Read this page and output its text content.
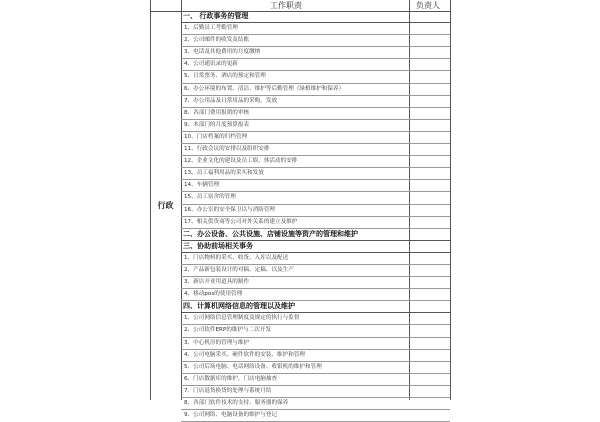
工作职责	负责人
行政
一、 行政事务的管理
1、后勤员工考勤管理
2、公司邮件的收发及结账
3、电话及其他费用的月度缴纳
4、公司通讯录的更新
5、日常票务、酒店的预定和管理
6、办公环境的布置、清洁、维护等后勤管理（绿植维护和保养）
7、办公用品及日常用品的采购、发放
8、各部门费用报销的审核
9、本部门的月度预算报表
10、门店档案的归档管理
11、行政会议的安排以及组织安排
12、企业文化的建设及员工娱、体活动的安排
13、员工福利用品的采买和发放
14、车辆管理
15、员工宿舍的管理
16、办公室的安全保卫以与消防管理
17、相关供货商等公司对外关系的建立及维护
二、办公设备、公共设施、店铺设施等资产的管理和维护
三、协助前场相关事务
1、门店物料的采买、收货、入库以及配送
2、产品新包装设计的对稿、定稿、以及生产
3、新店开业用道具的制作
4、移动pos的使用管理
四、计算机网络信息的管理以及维护
1、公司网络信息管理制度及规定的执行与监督
2、公司软件ERP的维护与二次开发
3、中心机房的管理与维护
4、公司电脑采买、硬件软件的安装、维护和管理
5、公司后场电脑、电话网络设备、收银机的维护和管理
6、门店数据库的维护、门店电脑抽查
7、门店退货换货的处理与系统月结
8、各部门软件技术的支持、服务器的保养
9、公司网络、电脑设备的维护与登记
